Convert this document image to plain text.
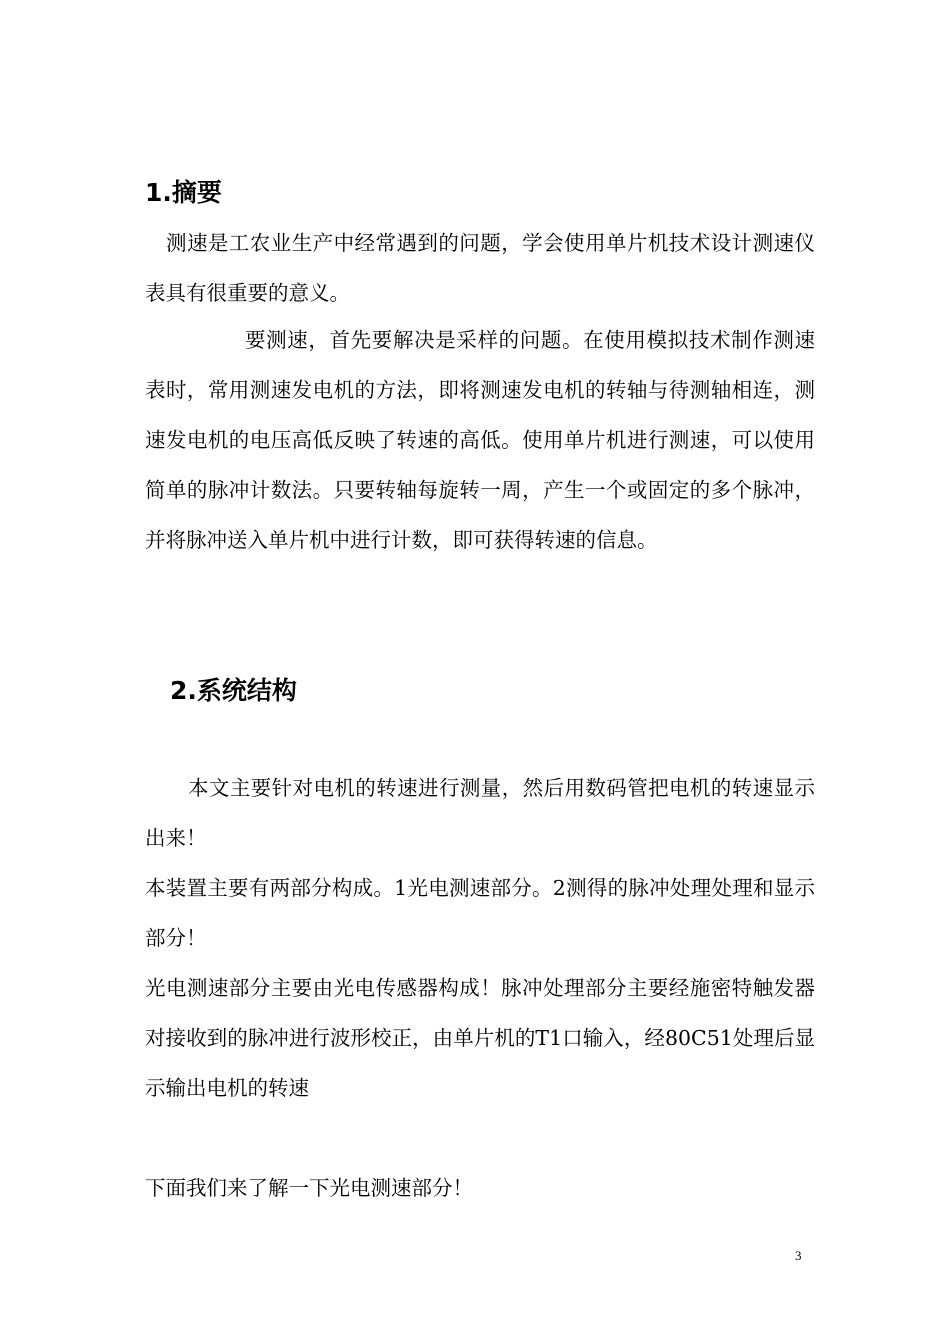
1.摘要

测速是工农业生产中经常遇到的问题，学会使用单片机技术设计测速仪表具有很重要的意义。

要测速，首先要解决是采样的问题。在使用模拟技术制作测速表时，常用测速发电机的方法，即将测速发电机的转轴与待测轴相连，测速发电机的电压高低反映了转速的高低。使用单片机进行测速，可以使用简单的脉冲计数法。只要转轴每旋转一周，产生一个或固定的多个脉冲，并将脉冲送入单片机中进行计数，即可获得转速的信息。

2.系统结构

本文主要针对电机的转速进行测量，然后用数码管把电机的转速显示出来！

本装置主要有两部分构成。1光电测速部分。2测得的脉冲处理处理和显示部分！

光电测速部分主要由光电传感器构成！脉冲处理部分主要经施密特触发器对接收到的脉冲进行波形校正，由单片机的T1口输入，经80C51处理后显示输出电机的转速

下面我们来了解一下光电测速部分！

3
